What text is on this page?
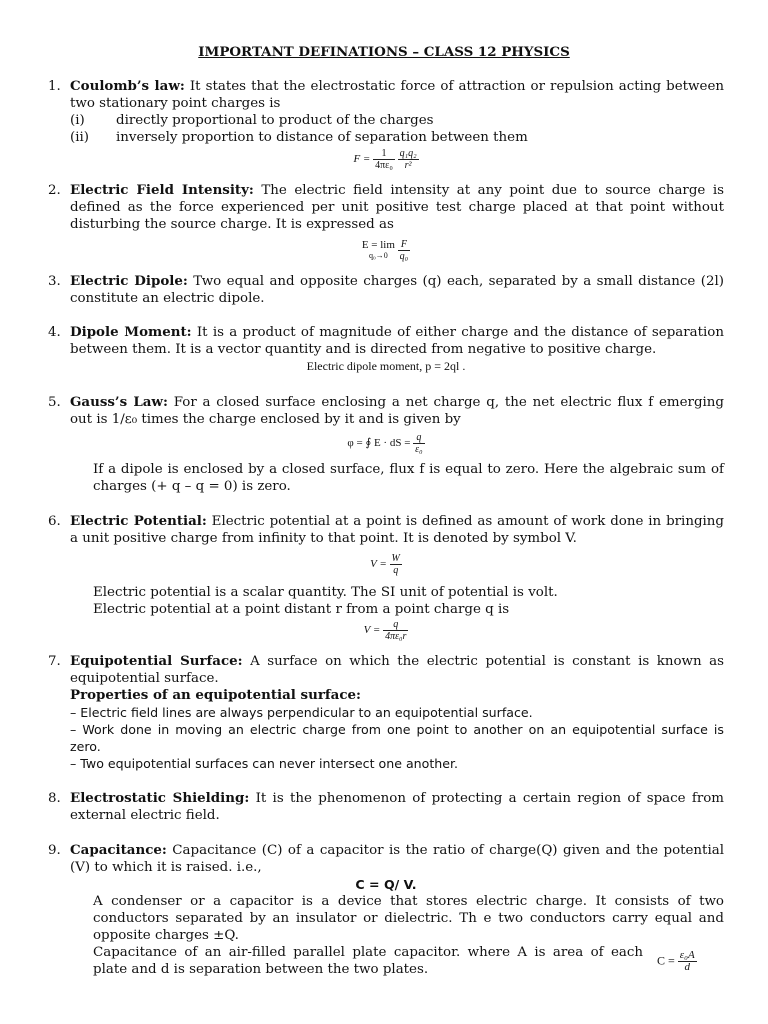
IMPORTANT DEFINATIONS – CLASS 12 PHYSICS
1. Coulomb’s law: It states that the electrostatic force of attraction or repulsion acting between two stationary point charges is
(i)	directly proportional to product of the charges
(ii)	inversely proportion to distance of separation between them
$F = \frac{1}{\text{4πε₀}}$
$\frac{\text{q₁q₂}}{\text{r²}}$
2. Electric Field Intensity: The electric field intensity at any point due to source charge is defined as the force experienced per unit positive test charge placed at that point without disturbing the source charge. It is expressed as
E = lim
$q_0\to 0 \frac{F}{\text{q₀}}$
3. Electric Dipole: Two equal and opposite charges (q) each, separated by a small distance (2l) constitute an electric dipole.
4. Dipole Moment: It is a product of magnitude of either charge and the distance of separation between them. It is a vector quantity and is directed from negative to positive charge.
Electric dipole moment, p = 2ql .
5. Gauss’s Law: For a closed surface enclosing a net charge q, the net electric flux f emerging out is 1/ε₀ times the charge enclosed by it and is given by
φ = ∮ E · dS = $\frac{q}{\text{ε₀}}$
If a dipole is enclosed by a closed surface, flux f is equal to zero. Here the algebraic sum of charges (+ q – q = 0) is zero.
6. Electric Potential: Electric potential at a point is defined as amount of work done in bringing a unit positive charge from infinity to that point. It is denoted by symbol V.
$V = \frac{W}{q}$
Electric potential is a scalar quantity. The SI unit of potential is volt.
Electric potential at a point distant r from a point charge q is
$V = \frac{q}{\text{4πε₀r}}$
7. Equipotential Surface: A surface on which the electric potential is constant is known as equipotential surface.
Properties of an equipotential surface:
– Electric field lines are always perpendicular to an equipotential surface.
– Work done in moving an electric charge from one point to another on an equipotential surface is zero.
– Two equipotential surfaces can never intersect one another.
8. Electrostatic Shielding: It is the phenomenon of protecting a certain region of space from external electric field.
9. Capacitance: Capacitance (C) of a capacitor is the ratio of charge(Q) given and the potential (V) to which it is raised. i.e.,
C = Q/ V.
A condenser or a capacitor is a device that stores electric charge. It consists of two conductors separated by an insulator or dielectric. Th e two conductors carry equal and opposite charges ±Q.
Capacitance of an air-filled parallel plate capacitor. where A is area of each plate and d is separation between the two plates.
$C = \frac{\text{ε₀A}}{d}$
